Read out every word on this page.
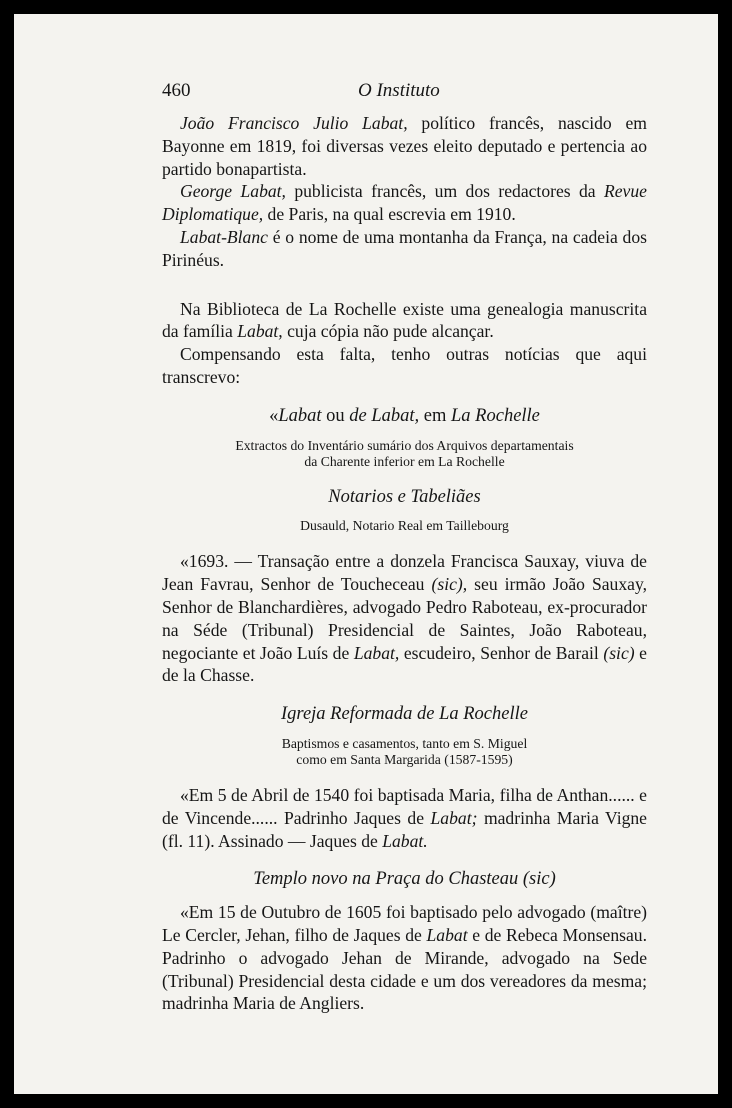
460	O Instituto

João Francisco Julio Labat, político francês, nascido em Bayonne em 1819, foi diversas vezes eleito deputado e pertencia ao partido bonapartista.

George Labat, publicista francês, um dos redactores da Revue Diplomatique, de Paris, na qual escrevia em 1910.

Labat-Blanc é o nome de uma montanha da França, na cadeia dos Pirinéus.

Na Biblioteca de La Rochelle existe uma genealogia manuscrita da família Labat, cuja cópia não pude alcançar.

Compensando esta falta, tenho outras notícias que aqui transcrevo:

«Labat ou de Labat, em La Rochelle
Extractos do Inventário sumário dos Arquivos departamentais
da Charente inferior em La Rochelle
Notarios e Tabeliães
Dusauld, Notario Real em Taillebourg

«1693. — Transação entre a donzela Francisca Sauxay, viuva de Jean Favrau, Senhor de Toucheceau (sic), seu irmão João Sauxay, Senhor de Blanchardières, advogado Pedro Raboteau, ex-procurador na Séde (Tribunal) Presidencial de Saintes, João Raboteau, negociante et João Luís de Labat, escudeiro, Senhor de Barail (sic) e de la Chasse.

Igreja Reformada de La Rochelle
Baptismos e casamentos, tanto em S. Miguel
como em Santa Margarida (1587-1595)

«Em 5 de Abril de 1540 foi baptisada Maria, filha de Anthan...... e de Vincende...... Padrinho Jaques de Labat; madrinha Maria Vigne (fl. 11). Assinado — Jaques de Labat.

Templo novo na Praça do Chasteau (sic)

«Em 15 de Outubro de 1605 foi baptisado pelo advogado (maître) Le Cercler, Jehan, filho de Jaques de Labat e de Rebeca Monsensau. Padrinho o advogado Jehan de Mirande, advogado na Sede (Tribunal) Presidencial desta cidade e um dos vereadores da mesma; madrinha Maria de Angliers.
